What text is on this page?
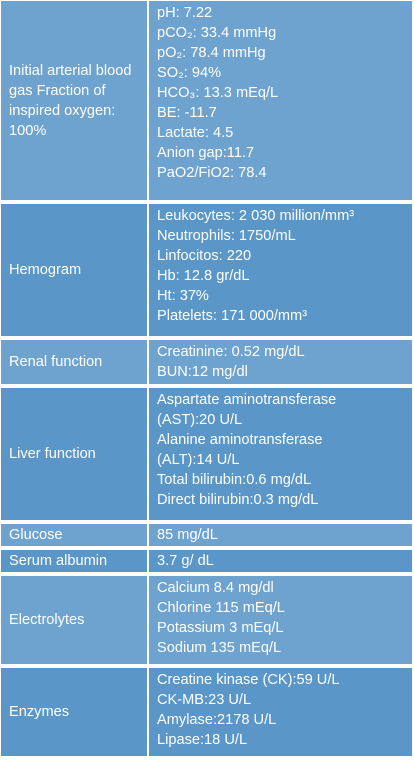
Initial arterial blood gas Fraction of inspired oxygen: 100%
pH: 7.22
pCO₂: 33.4 mmHg
pO₂: 78.4 mmHg
SO₂: 94%
HCO₃: 13.3 mEq/L
BE: -11.7
Lactate: 4.5
Anion gap:11.7
PaO2/FiO2: 78.4
Hemogram
Leukocytes: 2 030 million/mm³
Neutrophils: 1750/mL
Linfocitos: 220
Hb: 12.8 gr/dL
Ht: 37%
Platelets: 171 000/mm³
Renal function
Creatinine: 0.52 mg/dL
BUN:12 mg/dl
Liver function
Aspartate aminotransferase
(AST):20 U/L
Alanine aminotransferase
(ALT):14 U/L
Total bilirubin:0.6 mg/dL
Direct bilirubin:0.3 mg/dL
Glucose	85 mg/dL
Serum albumin	3.7 g/ dL
Electrolytes
Calcium 8.4 mg/dl
Chlorine 115 mEq/L
Potassium 3 mEq/L
Sodium 135 mEq/L
Enzymes
Creatine kinase (CK):59 U/L
CK-MB:23 U/L
Amylase:2178 U/L
Lipase:18 U/L
